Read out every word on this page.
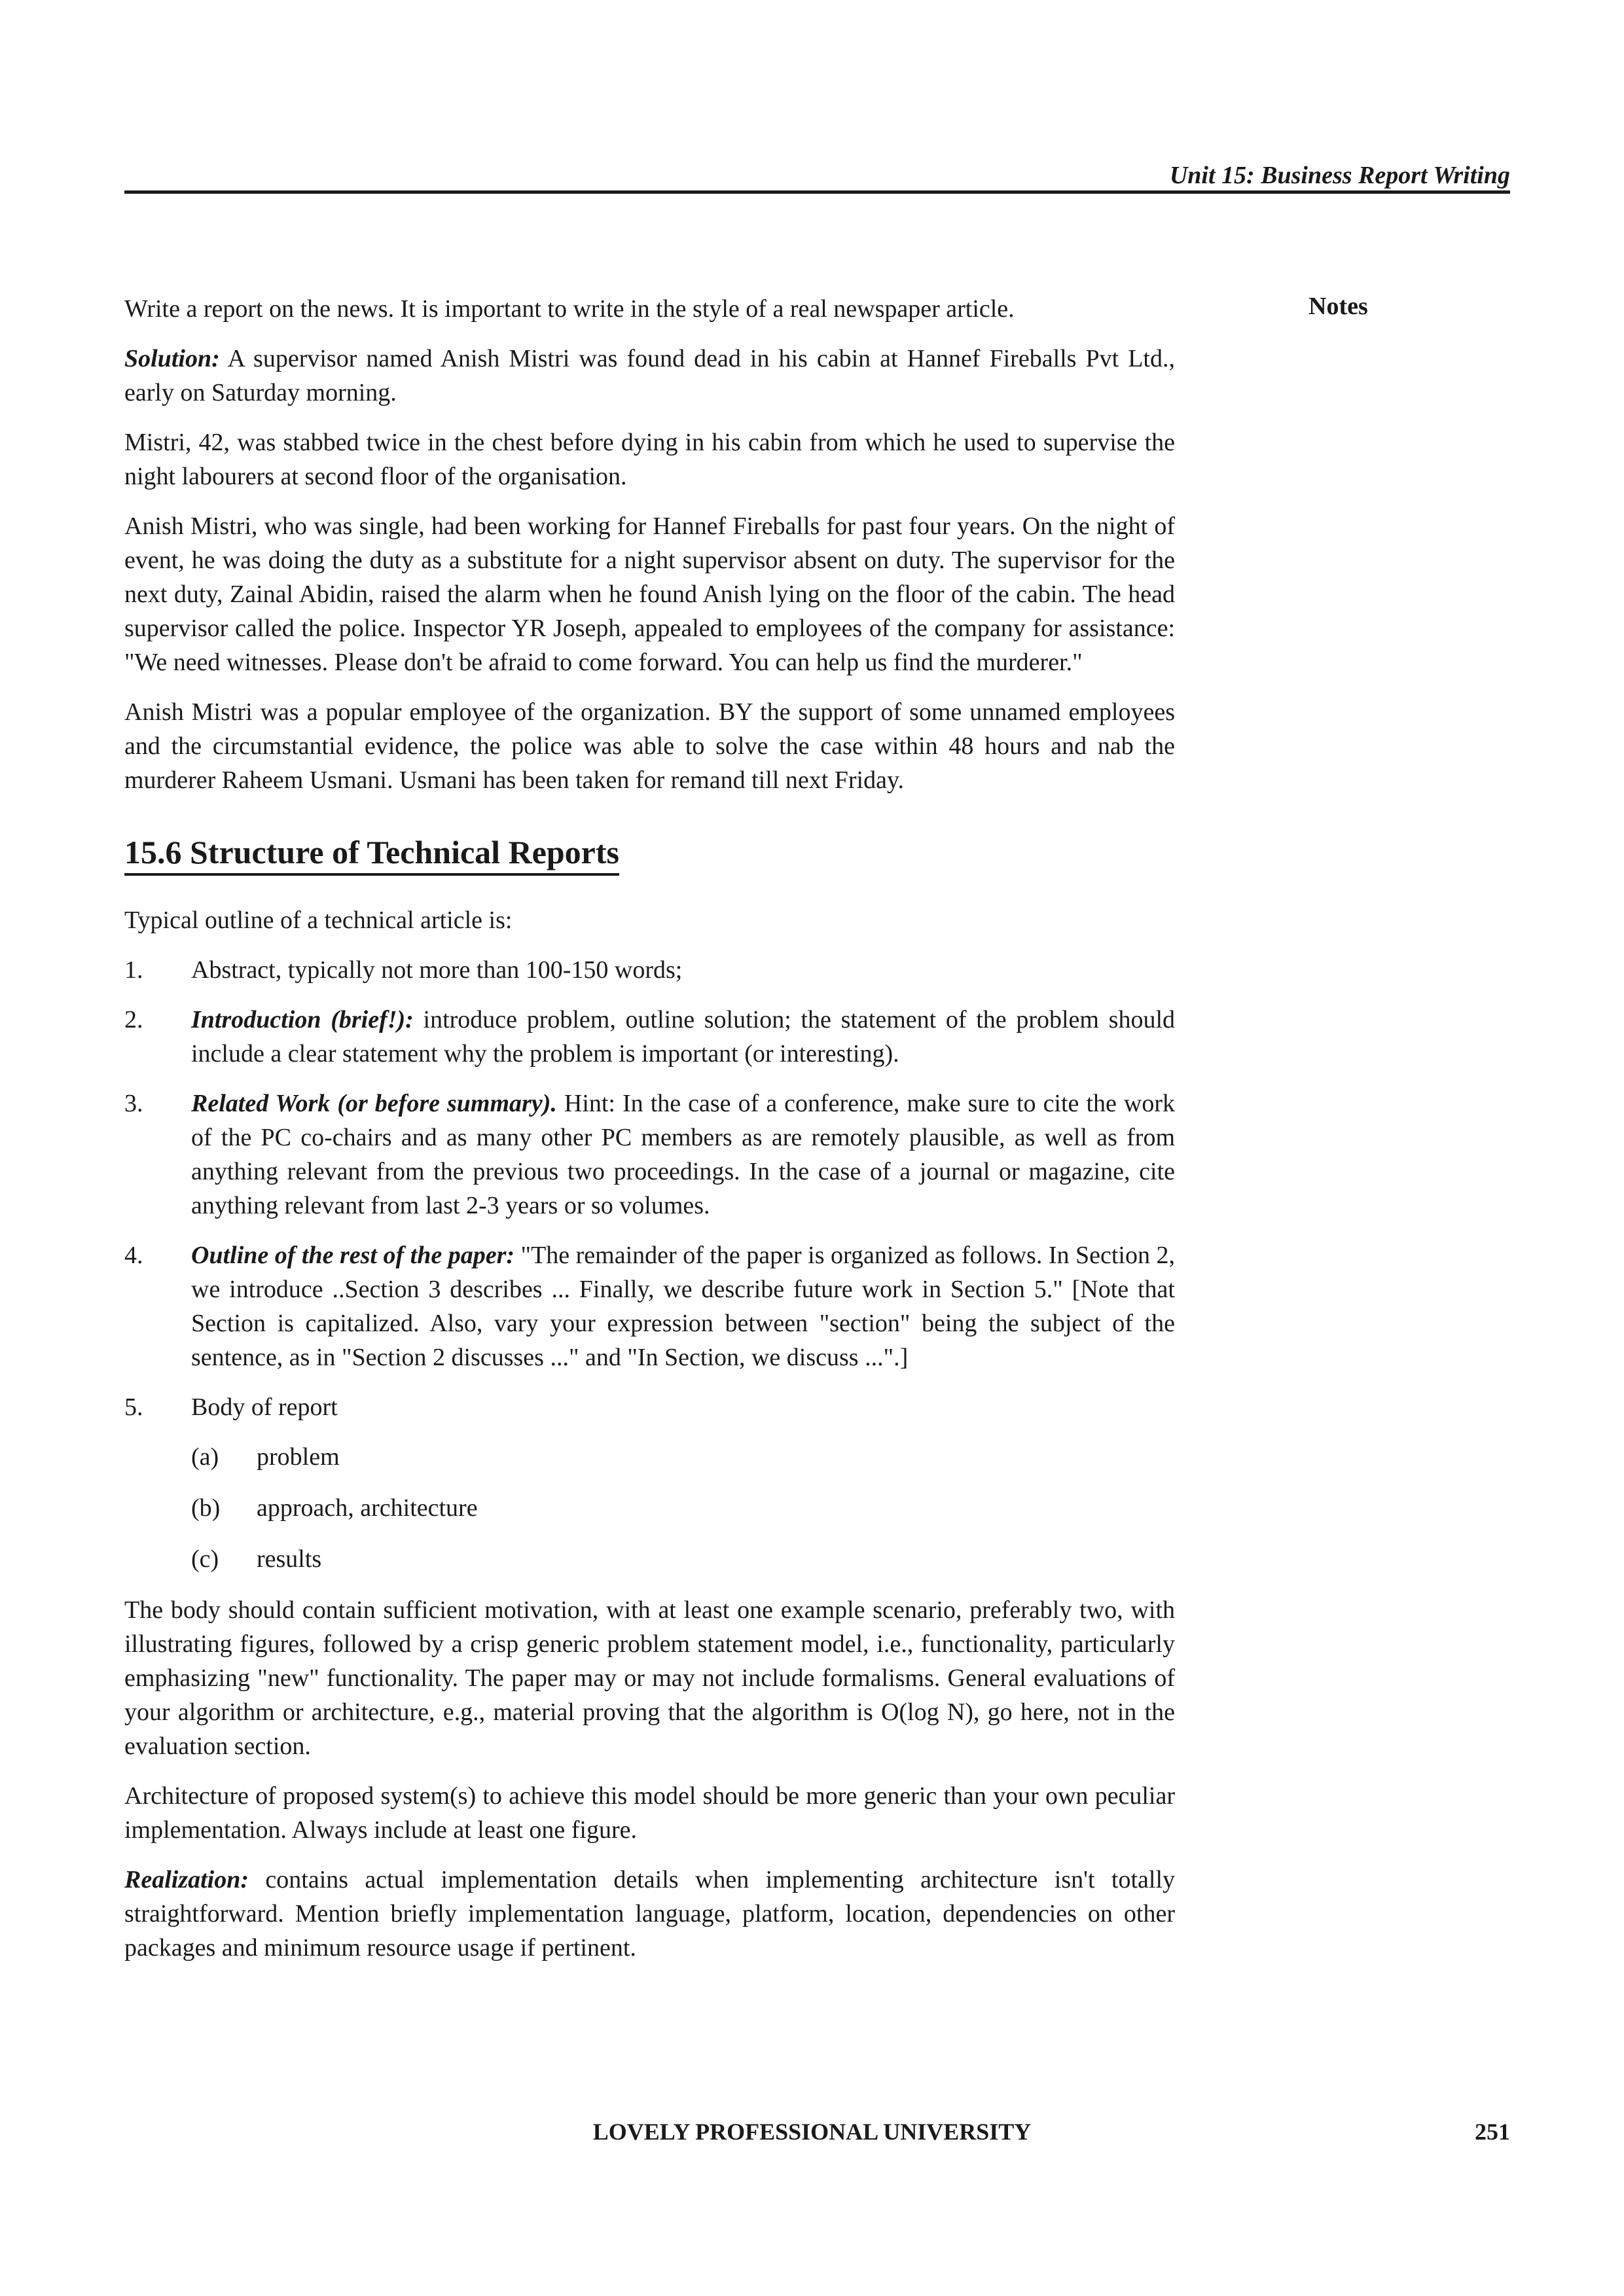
Unit 15: Business Report Writing
Notes

Write a report on the news. It is important to write in the style of a real newspaper article.

Solution: A supervisor named Anish Mistri was found dead in his cabin at Hannef Fireballs Pvt Ltd., early on Saturday morning.

Mistri, 42, was stabbed twice in the chest before dying in his cabin from which he used to supervise the night labourers at second floor of the organisation.

Anish Mistri, who was single, had been working for Hannef Fireballs for past four years. On the night of event, he was doing the duty as a substitute for a night supervisor absent on duty. The supervisor for the next duty, Zainal Abidin, raised the alarm when he found Anish lying on the floor of the cabin. The head supervisor called the police. Inspector YR Joseph, appealed to employees of the company for assistance: "We need witnesses. Please don't be afraid to come forward. You can help us find the murderer."

Anish Mistri was a popular employee of the organization. BY the support of some unnamed employees and the circumstantial evidence, the police was able to solve the case within 48 hours and nab the murderer Raheem Usmani. Usmani has been taken for remand till next Friday.

15.6 Structure of Technical Reports

Typical outline of a technical article is:

1.	Abstract, typically not more than 100-150 words;
2.	Introduction (brief!): introduce problem, outline solution; the statement of the problem should include a clear statement why the problem is important (or interesting).
3.	Related Work (or before summary). Hint: In the case of a conference, make sure to cite the work of the PC co-chairs and as many other PC members as are remotely plausible, as well as from anything relevant from the previous two proceedings. In the case of a journal or magazine, cite anything relevant from last 2-3 years or so volumes.
4.	Outline of the rest of the paper: "The remainder of the paper is organized as follows. In Section 2, we introduce ..Section 3 describes ... Finally, we describe future work in Section 5." [Note that Section is capitalized. Also, vary your expression between "section" being the subject of the sentence, as in "Section 2 discusses ..." and "In Section, we discuss ...".]
5.	Body of report
(a)	problem
(b)	approach, architecture
(c)	results

The body should contain sufficient motivation, with at least one example scenario, preferably two, with illustrating figures, followed by a crisp generic problem statement model, i.e., functionality, particularly emphasizing "new" functionality. The paper may or may not include formalisms. General evaluations of your algorithm or architecture, e.g., material proving that the algorithm is O(log N), go here, not in the evaluation section.

Architecture of proposed system(s) to achieve this model should be more generic than your own peculiar implementation. Always include at least one figure.

Realization: contains actual implementation details when implementing architecture isn't totally straightforward. Mention briefly implementation language, platform, location, dependencies on other packages and minimum resource usage if pertinent.

LOVELY PROFESSIONAL UNIVERSITY	251
